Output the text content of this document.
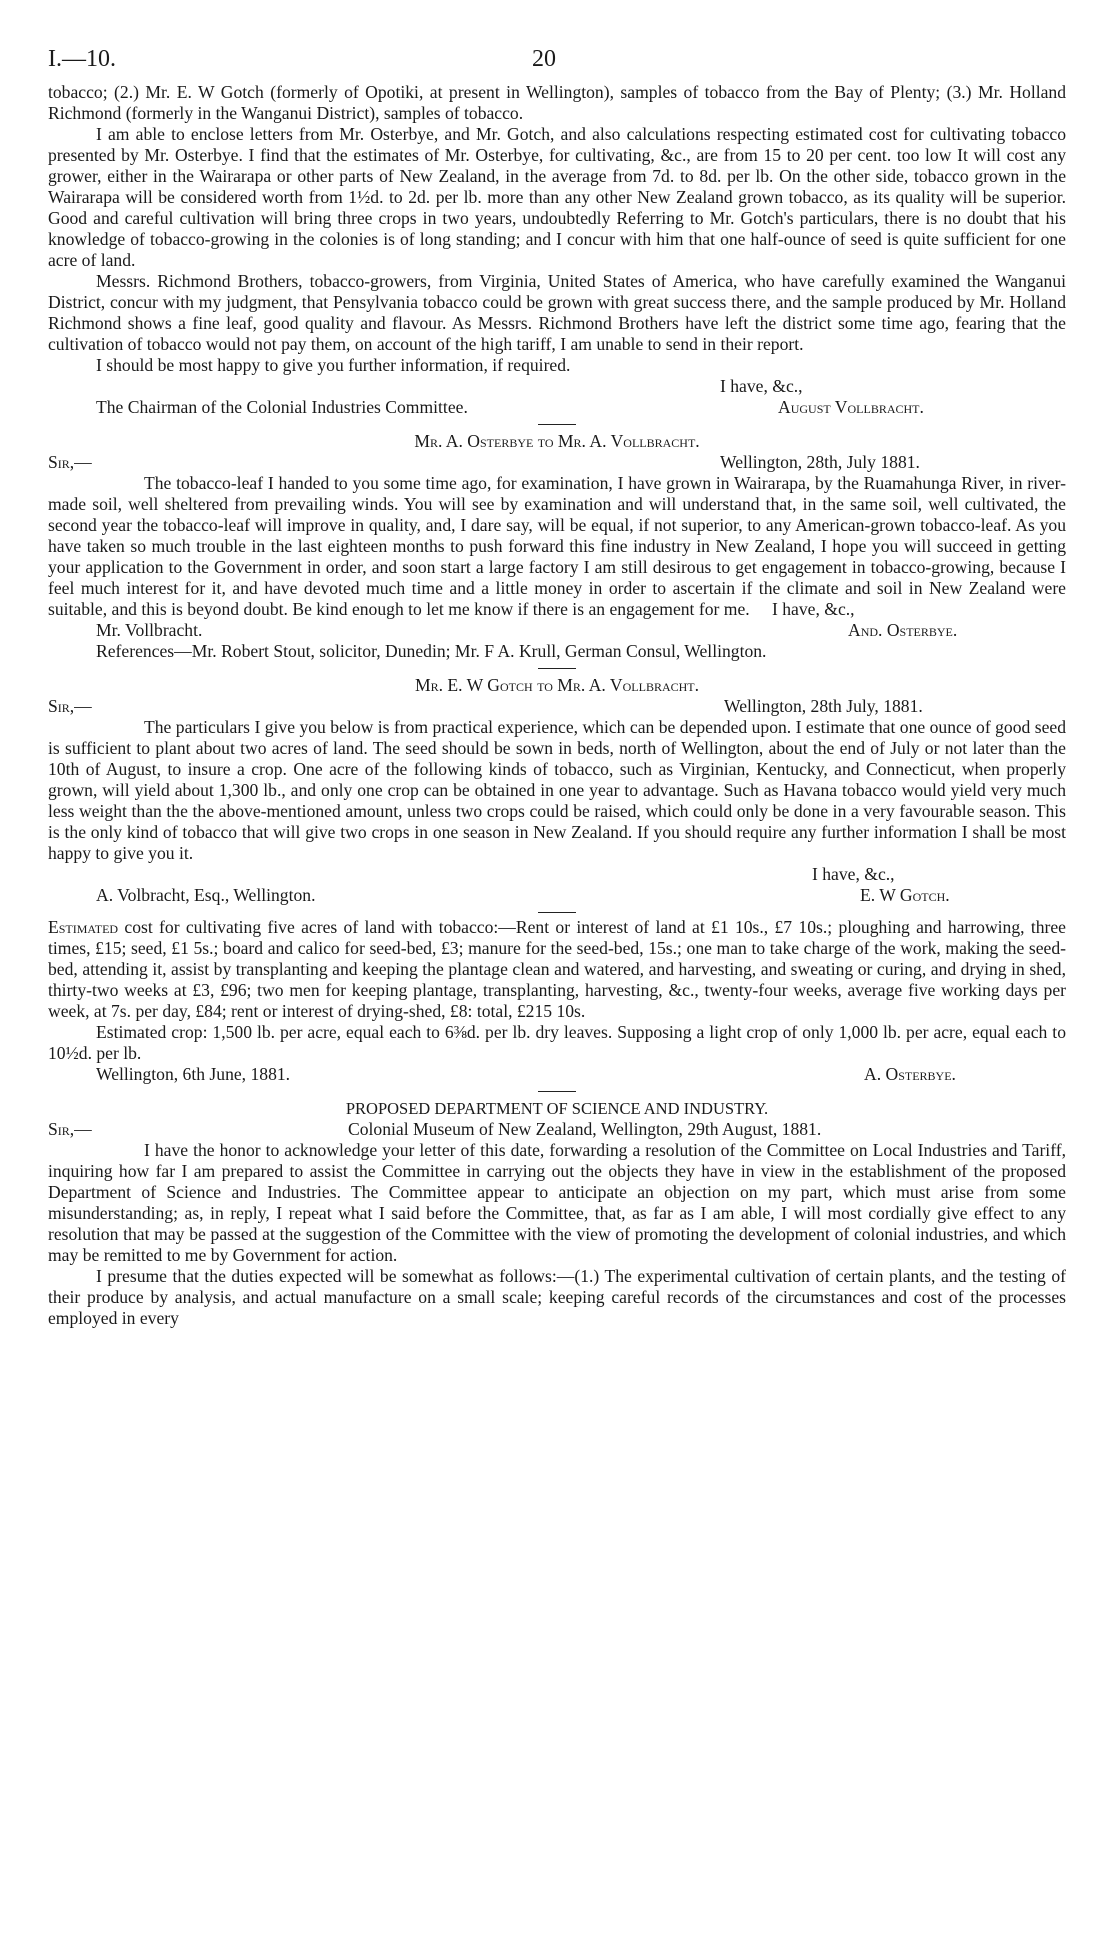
I.—10.	20

tobacco; (2.) Mr. E. W Gotch (formerly of Opotiki, at present in Wellington), samples of tobacco from the Bay of Plenty; (3.) Mr. Holland Richmond (formerly in the Wanganui District), samples of tobacco.

I am able to enclose letters from Mr. Osterbye, and Mr. Gotch, and also calculations respecting estimated cost for cultivating tobacco presented by Mr. Osterbye. I find that the estimates of Mr. Osterbye, for cultivating, &c., are from 15 to 20 per cent. too low It will cost any grower, either in the Wairarapa or other parts of New Zealand, in the average from 7d. to 8d. per lb. On the other side, tobacco grown in the Wairarapa will be considered worth from 1½d. to 2d. per lb. more than any other New Zealand grown tobacco, as its quality will be superior. Good and careful cultivation will bring three crops in two years, undoubtedly Referring to Mr. Gotch's particulars, there is no doubt that his knowledge of tobacco-growing in the colonies is of long standing; and I concur with him that one half-ounce of seed is quite sufficient for one acre of land.

Messrs. Richmond Brothers, tobacco-growers, from Virginia, United States of America, who have carefully examined the Wanganui District, concur with my judgment, that Pensylvania tobacco could be grown with great success there, and the sample produced by Mr. Holland Richmond shows a fine leaf, good quality and flavour. As Messrs. Richmond Brothers have left the district some time ago, fearing that the cultivation of tobacco would not pay them, on account of the high tariff, I am unable to send in their report.

I should be most happy to give you further information, if required.

I have, &c.,
The Chairman of the Colonial Industries Committee.	August Vollbracht.
Mr. A. Osterbye to Mr. A. Vollbracht.
Sir,—	Wellington, 28th, July 1881.

The tobacco-leaf I handed to you some time ago, for examination, I have grown in Wairarapa, by the Ruamahunga River, in river-made soil, well sheltered from prevailing winds. You will see by examination and will understand that, in the same soil, well cultivated, the second year the tobacco-leaf will improve in quality, and, I dare say, will be equal, if not superior, to any American-grown tobacco-leaf. As you have taken so much trouble in the last eighteen months to push forward this fine industry in New Zealand, I hope you will succeed in getting your application to the Government in order, and soon start a large factory I am still desirous to get engagement in tobacco-growing, because I feel much interest for it, and have devoted much time and a little money in order to ascertain if the climate and soil in New Zealand were suitable, and this is beyond doubt. Be kind enough to let me know if there is an engagement for me.	I have, &c.,
Mr. Vollbracht.	And. Osterbye.

References—Mr. Robert Stout, solicitor, Dunedin; Mr. F A. Krull, German Consul, Wellington.

Mr. E. W Gotch to Mr. A. Vollbracht.
Sir,—	Wellington, 28th July, 1881.

The particulars I give you below is from practical experience, which can be depended upon. I estimate that one ounce of good seed is sufficient to plant about two acres of land. The seed should be sown in beds, north of Wellington, about the end of July or not later than the 10th of August, to insure a crop. One acre of the following kinds of tobacco, such as Virginian, Kentucky, and Connecticut, when properly grown, will yield about 1,300 lb., and only one crop can be obtained in one year to advantage. Such as Havana tobacco would yield very much less weight than the the above-mentioned amount, unless two crops could be raised, which could only be done in a very favourable season. This is the only kind of tobacco that will give two crops in one season in New Zealand. If you should require any further information I shall be most happy to give you it.

I have, &c.,
A. Volbracht, Esq., Wellington.	E. W Gotch.

Estimated cost for cultivating five acres of land with tobacco:—Rent or interest of land at £1 10s., £7 10s.; ploughing and harrowing, three times, £15; seed, £1 5s.; board and calico for seed-bed, £3; manure for the seed-bed, 15s.; one man to take charge of the work, making the seed-bed, attending it, assist by transplanting and keeping the plantage clean and watered, and harvesting, and sweating or curing, and drying in shed, thirty-two weeks at £3, £96; two men for keeping plantage, transplanting, harvesting, &c., twenty-four weeks, average five working days per week, at 7s. per day, £84; rent or interest of drying-shed, £8: total, £215 10s.

Estimated crop: 1,500 lb. per acre, equal each to 6⅜d. per lb. dry leaves. Supposing a light crop of only 1,000 lb. per acre, equal each to 10½d. per lb.

Wellington, 6th June, 1881.	A. Osterbye.
PROPOSED DEPARTMENT OF SCIENCE AND INDUSTRY.
Sir,—	Colonial Museum of New Zealand, Wellington, 29th August, 1881.

I have the honor to acknowledge your letter of this date, forwarding a resolution of the Committee on Local Industries and Tariff, inquiring how far I am prepared to assist the Committee in carrying out the objects they have in view in the establishment of the proposed Department of Science and Industries. The Committee appear to anticipate an objection on my part, which must arise from some misunderstanding; as, in reply, I repeat what I said before the Committee, that, as far as I am able, I will most cordially give effect to any resolution that may be passed at the suggestion of the Committee with the view of promoting the development of colonial industries, and which may be remitted to me by Government for action.

I presume that the duties expected will be somewhat as follows:—(1.) The experimental cultivation of certain plants, and the testing of their produce by analysis, and actual manufacture on a small scale; keeping careful records of the circumstances and cost of the processes employed in every
